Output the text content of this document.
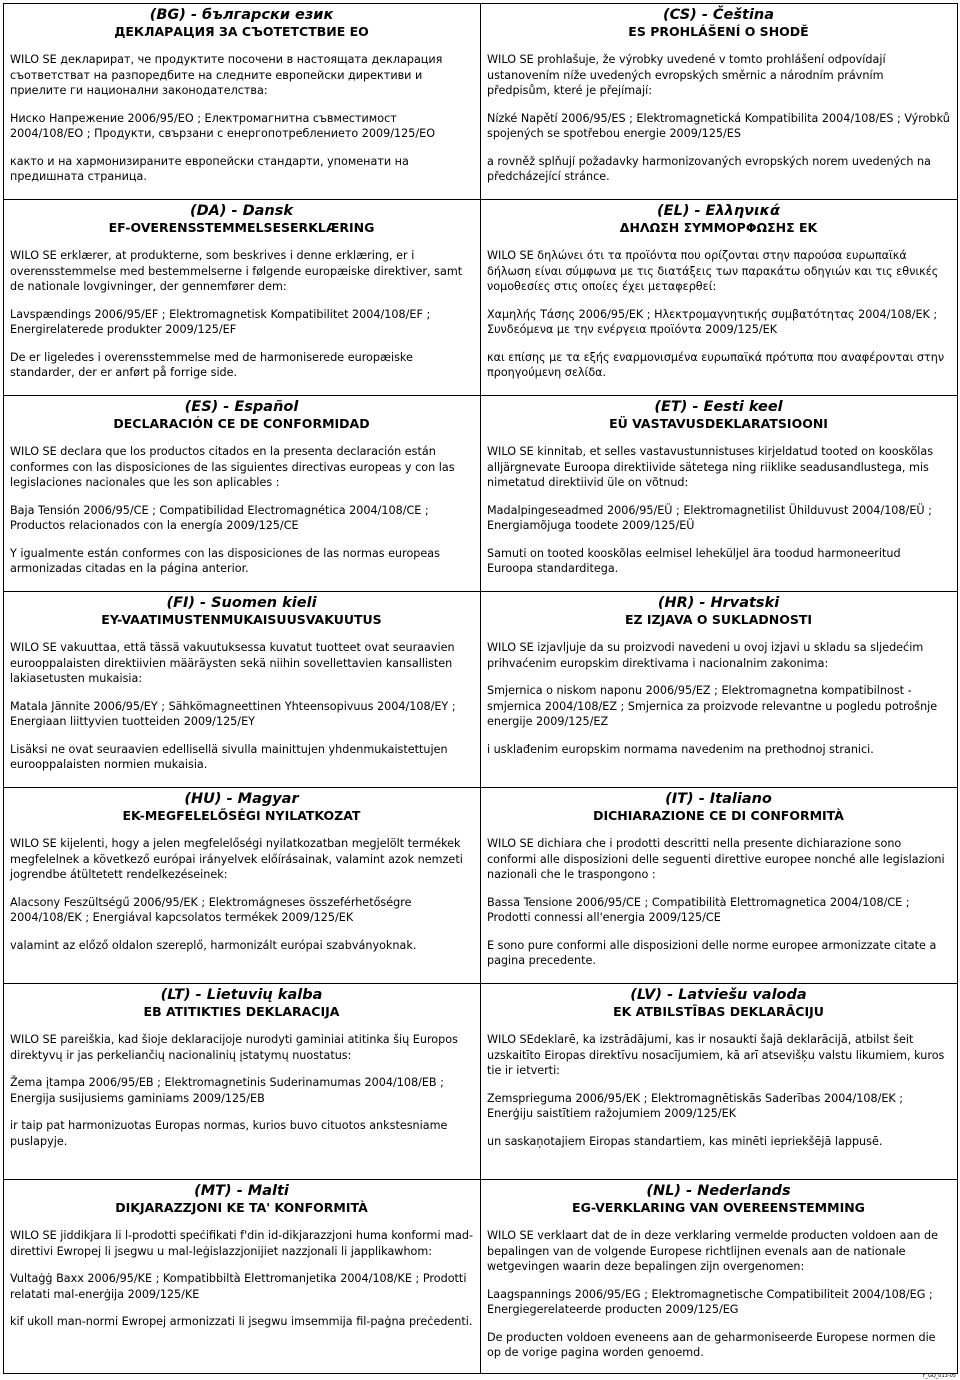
(BG) - български език

ДЕКЛАРАЦИЯ ЗА СЪОТЕТСТВИЕ ЕО

WILO SE декларират, че продуктите посочени в настоящата декларация съответстват на разпоредбите на следните европейски директиви и приелите ги национални законодателства:

Ниско Напрежение 2006/95/EO ; Електромагнитна съвместимост 2004/108/EO ; Продукти, свързани с енергопотреблението 2009/125/EO

както и на хармонизираните европейски стандарти, упоменати на предишната страница.

(CS) - Čeština

ES PROHLÁŠENÍ O SHODĚ

WILO SE prohlašuje, že výrobky uvedené v tomto prohlášení odpovídají ustanovením níže uvedených evropských směrnic a národním právním předpisům, které je přejímají:

Nízké Napětí 2006/95/ES ; Elektromagnetická Kompatibilita 2004/108/ES ; Výrobků spojených se spotřebou energie 2009/125/ES

a rovněž splňují požadavky harmonizovaných evropských norem uvedených na předcházející stránce.

(DA) - Dansk

EF-OVERENSSTEMMELSESERKLÆRING

WILO SE erklærer, at produkterne, som beskrives i denne erklæring, er i overensstemmelse med bestemmelserne i følgende europæiske direktiver, samt de nationale lovgivninger, der gennemfører dem:

Lavspændings 2006/95/EF ; Elektromagnetisk Kompatibilitet 2004/108/EF ; Energirelaterede produkter 2009/125/EF

De er ligeledes i overensstemmelse med de harmoniserede europæiske standarder, der er anført på forrige side.

(EL) - Ελληνικά

ΔΗΛΩΣΗ ΣΥΜΜΟΡΦΩΣΗΣ ΕΚ

WILO SE δηλώνει ότι τα προϊόντα που ορίζονται στην παρούσα ευρωπαϊκά δήλωση είναι σύμφωνα με τις διατάξεις των παρακάτω οδηγιών και τις εθνικές νομοθεσίες στις οποίες έχει μεταφερθεί:

Χαμηλής Τάσης 2006/95/ΕΚ ; Ηλεκτρομαγνητικής συμβατότητας 2004/108/ΕΚ ; Συνδεόμενα με την ενέργεια προϊόντα 2009/125/ΕΚ

και επίσης με τα εξής εναρμονισμένα ευρωπαϊκά πρότυπα που αναφέρονται στην προηγούμενη σελίδα.

(ES) - Español

DECLARACIÓN CE DE CONFORMIDAD

WILO SE declara que los productos citados en la presenta declaración están conformes con las disposiciones de las siguientes directivas europeas y con las legislaciones nacionales que les son aplicables :

Baja Tensión 2006/95/CE ; Compatibilidad Electromagnética 2004/108/CE ; Productos relacionados con la energía 2009/125/CE

Y igualmente están conformes con las disposiciones de las normas europeas armonizadas citadas en la página anterior.

(ET) - Eesti keel

EÜ VASTAVUSDEKLARATSIOONI

WILO SE kinnitab, et selles vastavustunnistuses kirjeldatud tooted on kooskõlas alljärgnevate Euroopa direktiivide sätetega ning riiklike seadusandlustega, mis nimetatud direktiivid üle on võtnud:

Madalpingeseadmed 2006/95/EÜ ; Elektromagnetilist Ühilduvust 2004/108/EÜ ; Energiamõjuga toodete 2009/125/EÜ

Samuti on tooted kooskõlas eelmisel leheküljel ära toodud harmoneeritud Euroopa standarditega.

(FI) - Suomen kieli

EY-VAATIMUSTENMUKAISUUSVAKUUTUS

WILO SE vakuuttaa, että tässä vakuutuksessa kuvatut tuotteet ovat seuraavien eurooppalaisten direktiivien määräysten sekä niihin sovellettavien kansallisten lakiasetusten mukaisia:

Matala Jännite 2006/95/EY ; Sähkömagneettinen Yhteensopivuus 2004/108/EY ; Energiaan liittyvien tuotteiden 2009/125/EY

Lisäksi ne ovat seuraavien edellisellä sivulla mainittujen yhdenmukaistettujen eurooppalaisten normien mukaisia.

(HR) - Hrvatski

EZ IZJAVA O SUKLADNOSTI

WILO SE izjavljuje da su proizvodi navedeni u ovoj izjavi u skladu sa sljedećim prihvaćenim europskim direktivama i nacionalnim zakonima:

Smjernica o niskom naponu 2006/95/EZ ; Elektromagnetna kompatibilnost - smjernica 2004/108/EZ ; Smjernica za proizvode relevantne u pogledu potrošnje energije 2009/125/EZ

i usklađenim europskim normama navedenim na prethodnoj stranici.

(HU) - Magyar

EK-MEGFELELŐSÉGI NYILATKOZAT

WILO SE kijelenti, hogy a jelen megfelelőségi nyilatkozatban megjelölt termékek megfelelnek a következő európai irányelvek előírásainak, valamint azok nemzeti jogrendbe átültetett rendelkezéseinek:

Alacsony Feszültségű 2006/95/EK ; Elektromágneses összeférhetőségre 2004/108/EK ; Energiával kapcsolatos termékek 2009/125/EK

valamint az előző oldalon szereplő, harmonizált európai szabványoknak.

(IT) - Italiano

DICHIARAZIONE CE DI CONFORMITÀ

WILO SE dichiara che i prodotti descritti nella presente dichiarazione sono conformi alle disposizioni delle seguenti direttive europee nonché alle legislazioni nazionali che le traspongono :

Bassa Tensione 2006/95/CE ; Compatibilità Elettromagnetica 2004/108/CE ; Prodotti connessi all'energia 2009/125/CE

E sono pure conformi alle disposizioni delle norme europee armonizzate citate a pagina precedente.

(LT) - Lietuvių kalba

EB ATITIKTIES DEKLARACIJA

WILO SE pareiškia, kad šioje deklaracijoje nurodyti gaminiai atitinka šių Europos direktyvų ir jas perkeliančių nacionalinių įstatymų nuostatus:

Žema įtampa 2006/95/EB ; Elektromagnetinis Suderinamumas 2004/108/EB ; Energija susijusiems gaminiams 2009/125/EB

ir taip pat harmonizuotas Europas normas, kurios buvo cituotos ankstesniame puslapyje.

(LV) - Latviešu valoda

EK ATBILSTĪBAS DEKLARĀCIJU

WILO SEdeklarē, ka izstrādājumi, kas ir nosaukti šajā deklarācijā, atbilst šeit uzskaitīto Eiropas direktīvu nosacījumiem, kā arī atsevišķu valstu likumiem, kuros tie ir ietverti:

Zemsprieguma 2006/95/EK ; Elektromagnētiskās Saderības 2004/108/EK ; Enerģiju saistītiem ražojumiem 2009/125/EK

un saskaņotajiem Eiropas standartiem, kas minēti iepriekšējā lappusē.

(MT) - Malti

DIKJARAZZJONI KE TA' KONFORMITÀ

WILO SE jiddikjara li l-prodotti speċifikati f'din id-dikjarazzjoni huma konformi mad-direttivi Ewropej li jsegwu u mal-leġislazzjonijiet nazzjonali li japplikawhom:

Vultaġġ Baxx 2006/95/KE ; Kompatibbiltà Elettromanjetika 2004/108/KE ; Prodotti relatati mal-enerġija 2009/125/KE

kif ukoll man-normi Ewropej armonizzati li jsegwu imsemmija fil-paġna preċedenti.

(NL) - Nederlands

EG-VERKLARING VAN OVEREENSTEMMING

WILO SE verklaart dat de in deze verklaring vermelde producten voldoen aan de bepalingen van de volgende Europese richtlijnen evenals aan de nationale wetgevingen waarin deze bepalingen zijn overgenomen:

Laagspannings 2006/95/EG ; Elektromagnetische Compatibiliteit 2004/108/EG ; Energiegerelateerde producten 2009/125/EG

De producten voldoen eveneens aan de geharmoniseerde Europese normen die op de vorige pagina worden genoemd.

F_GQ_013-05
